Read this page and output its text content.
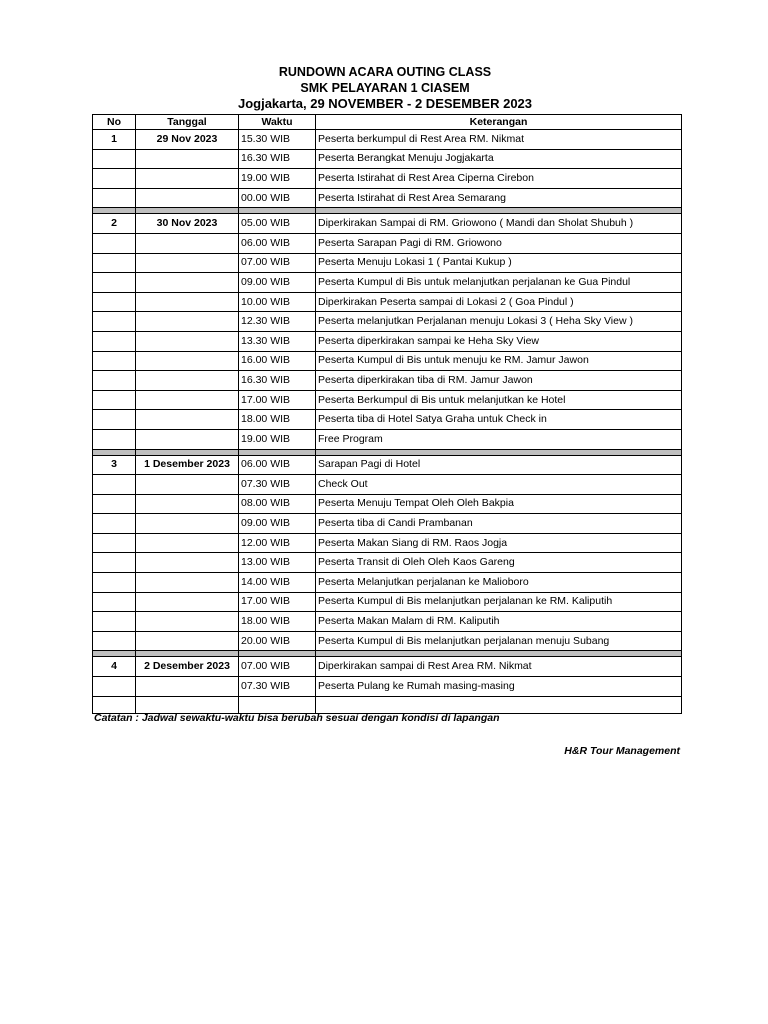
RUNDOWN ACARA OUTING CLASS
SMK PELAYARAN 1 CIASEM
Jogjakarta, 29 NOVEMBER - 2 DESEMBER 2023
No	Tanggal	Waktu	Keterangan
1	29 Nov 2023	15.30 WIB	Peserta berkumpul di Rest Area RM. Nikmat
		16.30 WIB	Peserta Berangkat Menuju Jogjakarta
		19.00 WIB	Peserta Istirahat di Rest Area Ciperna Cirebon
		00.00 WIB	Peserta Istirahat di Rest Area Semarang

2	30 Nov 2023	05.00 WIB	Diperkirakan Sampai di RM. Griowono ( Mandi dan Sholat Shubuh )
		06.00 WIB	Peserta Sarapan Pagi di RM. Griowono
		07.00 WIB	Peserta Menuju Lokasi 1 ( Pantai Kukup )
		09.00 WIB	Peserta Kumpul di Bis untuk melanjutkan perjalanan ke Gua Pindul
		10.00 WIB	Diperkirakan Peserta sampai di Lokasi 2 ( Goa Pindul )
		12.30 WIB	Peserta melanjutkan Perjalanan menuju Lokasi 3 ( Heha Sky View )
		13.30 WIB	Peserta diperkirakan sampai ke Heha Sky View
		16.00 WIB	Peserta Kumpul di Bis untuk menuju ke RM. Jamur Jawon
		16.30 WIB	Peserta diperkirakan tiba di RM. Jamur Jawon
		17.00 WIB	Peserta Berkumpul di Bis untuk melanjutkan ke Hotel
		18.00 WIB	Peserta tiba di Hotel Satya Graha untuk Check in
		19.00 WIB	Free Program

3	1 Desember 2023	06.00 WIB	Sarapan Pagi di Hotel
		07.30 WIB	Check Out
		08.00 WIB	Peserta Menuju Tempat Oleh Oleh Bakpia
		09.00 WIB	Peserta tiba di Candi Prambanan
		12.00 WIB	Peserta Makan Siang di RM. Raos Jogja
		13.00 WIB	Peserta Transit di Oleh Oleh Kaos Gareng
		14.00 WIB	Peserta Melanjutkan perjalanan ke Malioboro
		17.00 WIB	Peserta Kumpul di Bis melanjutkan perjalanan ke RM. Kaliputih
		18.00 WIB	Peserta Makan Malam di RM. Kaliputih
		20.00 WIB	Peserta Kumpul di Bis melanjutkan perjalanan menuju Subang

4	2 Desember 2023	07.00 WIB	Diperkirakan sampai di Rest Area RM. Nikmat
		07.30 WIB	Peserta Pulang ke Rumah masing-masing

Catatan : Jadwal sewaktu-waktu bisa berubah sesuai dengan kondisi di lapangan
H&R Tour Management
